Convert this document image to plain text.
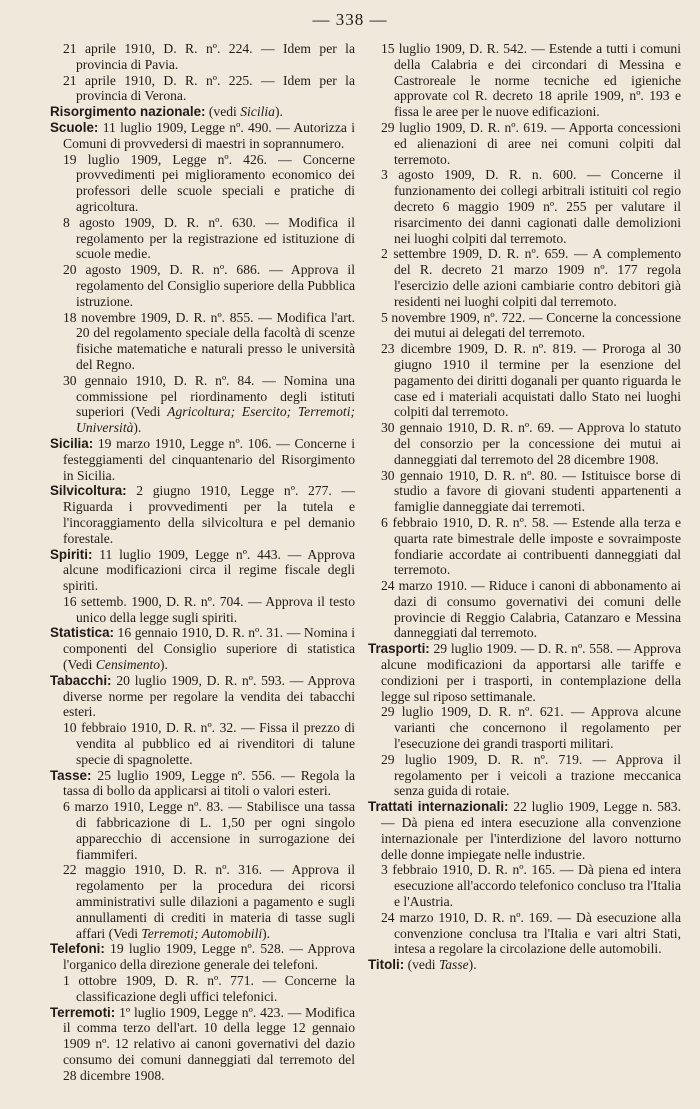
— 338 —

21 aprile 1910, D. R. nº. 224. — Idem per la provincia di Pavia.

21 aprile 1910, D. R. nº. 225. — Idem per la provincia di Verona.

Risorgimento nazionale: (vedi Sicilia).

Scuole: 11 luglio 1909, Legge nº. 490. — Autorizza i Comuni di provvedersi di maestri in soprannumero.

19 luglio 1909, Legge nº. 426. — Concerne provvedimenti pei miglioramento economico dei professori delle scuole speciali e pratiche di agricoltura.

8 agosto 1909, D. R. nº. 630. — Modifica il regolamento per la registrazione ed istituzione di scuole medie.

20 agosto 1909, D. R. nº. 686. — Approva il regolamento del Consiglio superiore della Pubblica istruzione.

18 novembre 1909, D. R. nº. 855. — Modifica l'art. 20 del regolamento speciale della facoltà di scenze fisiche matematiche e naturali presso le università del Regno.

30 gennaio 1910, D. R. nº. 84. — Nomina una commissione pel riordinamento degli istituti superiori (Vedi Agricoltura; Esercito; Terremoti; Università).

Sicilia: 19 marzo 1910, Legge nº. 106. — Concerne i festeggiamenti del cinquantenario del Risorgimento in Sicilia.

Silvicoltura: 2 giugno 1910, Legge nº. 277. — Riguarda i provvedimenti per la tutela e l'incoraggiamento della silvicoltura e pel demanio forestale.

Spiriti: 11 luglio 1909, Legge nº. 443. — Approva alcune modificazioni circa il regime fiscale degli spiriti.

16 settemb. 1900, D. R. nº. 704. — Approva il testo unico della legge sugli spiriti.

Statistica: 16 gennaio 1910, D. R. nº. 31. — Nomina i componenti del Consiglio superiore di statistica (Vedi Censimento).

Tabacchi: 20 luglio 1909, D. R. nº. 593. — Approva diverse norme per regolare la vendita dei tabacchi esteri.

10 febbraio 1910, D. R. nº. 32. — Fissa il prezzo di vendita al pubblico ed ai rivenditori di talune specie di spagnolette.

Tasse: 25 luglio 1909, Legge nº. 556. — Regola la tassa di bollo da applicarsi ai titoli o valori esteri.

6 marzo 1910, Legge nº. 83. — Stabilisce una tassa di fabbricazione di L. 1,50 per ogni singolo apparecchio di accensione in surrogazione dei fiammiferi.

22 maggio 1910, D. R. nº. 316. — Approva il regolamento per la procedura dei ricorsi amministrativi sulle dilazioni a pagamento e sugli annullamenti di crediti in materia di tasse sugli affari (Vedi Terremoti; Automobili).

Telefoni: 19 luglio 1909, Legge nº. 528. — Approva l'organico della direzione generale dei telefoni.

1 ottobre 1909, D. R. nº. 771. — Concerne la classificazione degli uffici telefonici.

Terremoti: 1º luglio 1909, Legge nº. 423. — Modifica il comma terzo dell'art. 10 della legge 12 gennaio 1909 nº. 12 relativo ai canoni governativi del dazio consumo dei comuni danneggiati dal terremoto del 28 dicembre 1908.

15 luglio 1909, D. R. 542. — Estende a tutti i comuni della Calabria e dei circondari di Messina e Castroreale le norme tecniche ed igieniche approvate col R. decreto 18 aprile 1909, nº. 193 e fissa le aree per le nuove edificazioni.

29 luglio 1909, D. R. nº. 619. — Apporta concessioni ed alienazioni di aree nei comuni colpiti dal terremoto.

3 agosto 1909, D. R. n. 600. — Concerne il funzionamento dei collegi arbitrali istituiti col regio decreto 6 maggio 1909 nº. 255 per valutare il risarcimento dei danni cagionati dalle demolizioni nei luoghi colpiti dal terremoto.

2 settembre 1909, D. R. nº. 659. — A complemento del R. decreto 21 marzo 1909 nº. 177 regola l'esercizio delle azioni cambiarie contro debitori già residenti nei luoghi colpiti dal terremoto.

5 novembre 1909, nº. 722. — Concerne la concessione dei mutui ai delegati del terremoto.

23 dicembre 1909, D. R. nº. 819. — Proroga al 30 giugno 1910 il termine per la esenzione del pagamento dei diritti doganali per quanto riguarda le case ed i materiali acquistati dallo Stato nei luoghi colpiti dal terremoto.

30 gennaio 1910, D. R. nº. 69. — Approva lo statuto del consorzio per la concessione dei mutui ai danneggiati dal terremoto del 28 dicembre 1908.

30 gennaio 1910, D. R. nº. 80. — Istituisce borse di studio a favore di giovani studenti appartenenti a famiglie danneggiate dai terremoti.

6 febbraio 1910, D. R. nº. 58. — Estende alla terza e quarta rate bimestrale delle imposte e sovraimposte fondiarie accordate ai contribuenti danneggiati dal terremoto.

24 marzo 1910. — Riduce i canoni di abbonamento ai dazi di consumo governativi dei comuni delle provincie di Reggio Calabria, Catanzaro e Messina danneggiati dal terremoto.

Trasporti: 29 luglio 1909. — D. R. nº. 558. — Approva alcune modificazioni da apportarsi alle tariffe e condizioni per i trasporti, in contemplazione della legge sul riposo settimanale.

29 luglio 1909, D. R. nº. 621. — Approva alcune varianti che concernono il regolamento per l'esecuzione dei grandi trasporti militari.

29 luglio 1909, D. R. nº. 719. — Approva il regolamento per i veicoli a trazione meccanica senza guida di rotaie.

Trattati internazionali: 22 luglio 1909, Legge n. 583. — Dà piena ed intera esecuzione alla convenzione internazionale per l'interdizione del lavoro notturno delle donne impiegate nelle industrie.

3 febbraio 1910, D. R. nº. 165. — Dà piena ed intera esecuzione all'accordo telefonico concluso tra l'Italia e l'Austria.

24 marzo 1910, D. R. nº. 169. — Dà esecuzione alla convenzione conclusa tra l'Italia e vari altri Stati, intesa a regolare la circolazione delle automobili.

Titoli: (vedi Tasse).
